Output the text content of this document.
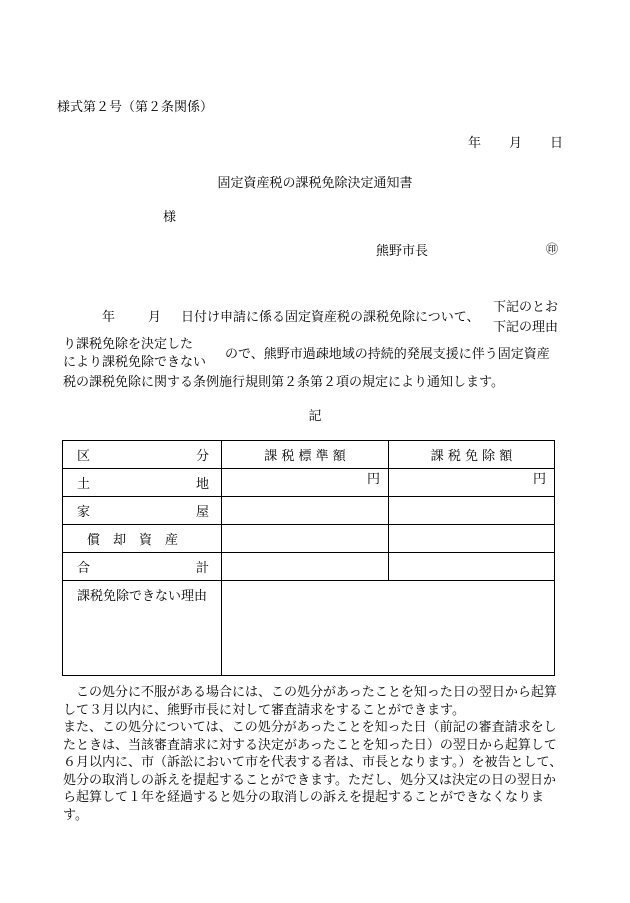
様式第２号（第２条関係）
年 月 日
固定資産税の課税免除決定通知書
様
熊野市長	㊞
年	月 日付け申請に係る固定資産税の課税免除について、
下記のとお
下記の理由
り課税免除を決定した
により課税免除できない
ので、熊野市過疎地域の持続的発展支援に伴う固定資産
税の課税免除に関する条例施行規則第２条第２項の規定により通知します。
記
区 分	課 税 標 準 額	課 税 免 除 額

土 地	円	円

家 屋		

償　却　資　産		

合 計		

課税免除できない理由		

この処分に不服がある場合には、この処分があったことを知った日の翌日から起算して３月以内に、熊野市長に対して審査請求をすることができます。

また、この処分については、この処分があったことを知った日（前記の審査請求をしたときは、当該審査請求に対する決定があったことを知った日）の翌日から起算して６月以内に、市（訴訟において市を代表する者は、市長となります。）を被告として、処分の取消しの訴えを提起することができます。ただし、処分又は決定の日の翌日から起算して１年を経過すると処分の取消しの訴えを提起することができなくなります。
